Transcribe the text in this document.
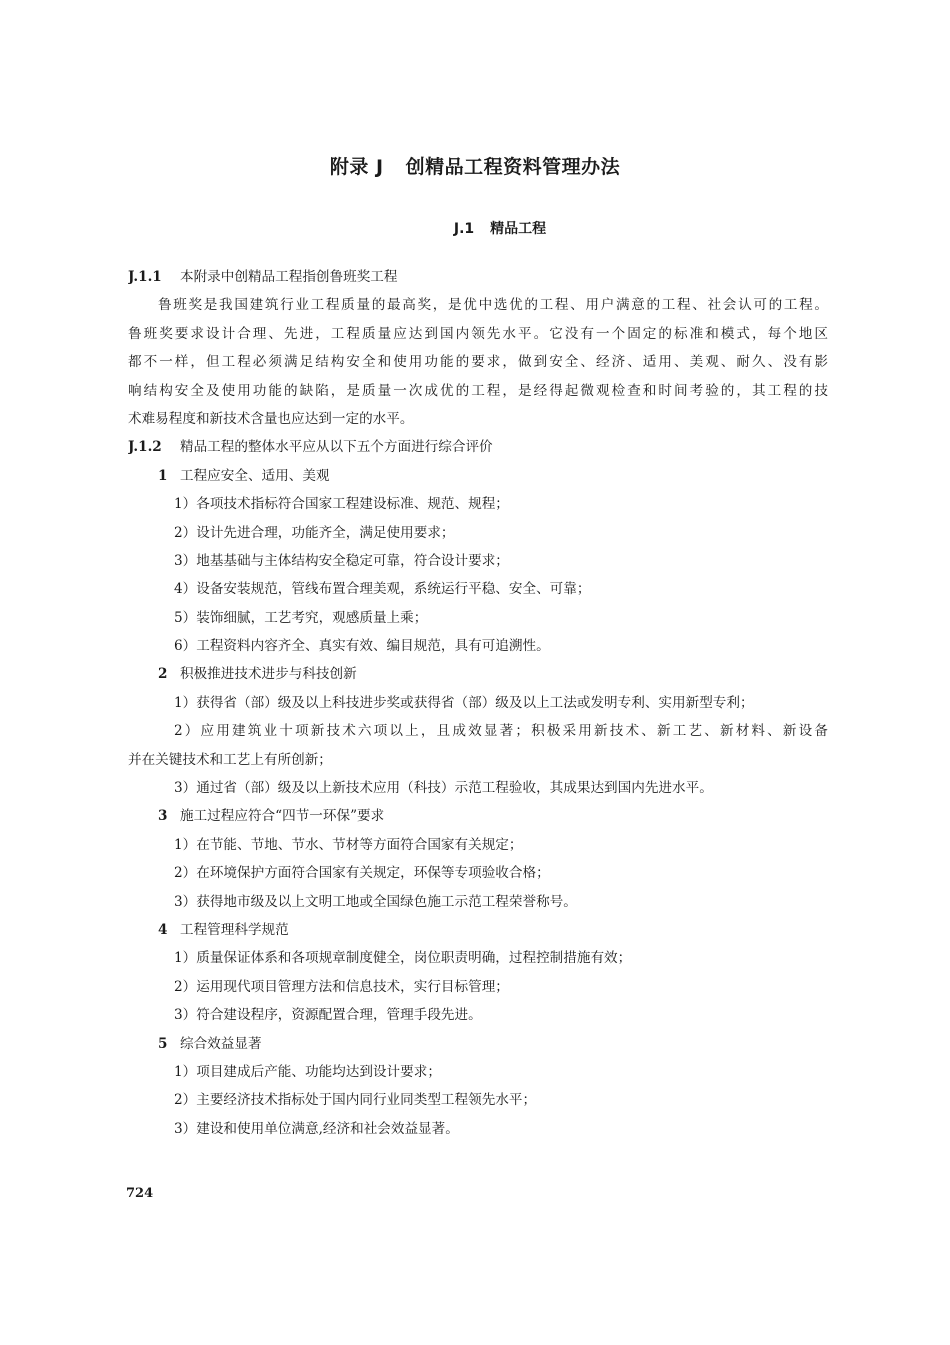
附录 J 创精品工程资料管理办法
J.1 精品工程
J.1.1 本附录中创精品工程指创鲁班奖工程
鲁班奖是我国建筑行业工程质量的最高奖，是优中选优的工程、用户满意的工程、社会认可的工程。
鲁班奖要求设计合理、先进，工程质量应达到国内领先水平。它没有一个固定的标准和模式，每个地区
都不一样，但工程必须满足结构安全和使用功能的要求，做到安全、经济、适用、美观、耐久、没有影
响结构安全及使用功能的缺陷，是质量一次成优的工程，是经得起微观检查和时间考验的，其工程的技
术难易程度和新技术含量也应达到一定的水平。
J.1.2 精品工程的整体水平应从以下五个方面进行综合评价
1 工程应安全、适用、美观
1）各项技术指标符合国家工程建设标准、规范、规程；
2）设计先进合理，功能齐全，满足使用要求；
3）地基基础与主体结构安全稳定可靠，符合设计要求；
4）设备安装规范，管线布置合理美观，系统运行平稳、安全、可靠；
5）装饰细腻，工艺考究，观感质量上乘；
6）工程资料内容齐全、真实有效、编目规范，具有可追溯性。
2 积极推进技术进步与科技创新
1）获得省（部）级及以上科技进步奖或获得省（部）级及以上工法或发明专利、实用新型专利；
2）应用建筑业十项新技术六项以上，且成效显著；积极采用新技术、新工艺、新材料、新设备
并在关键技术和工艺上有所创新；
3）通过省（部）级及以上新技术应用（科技）示范工程验收，其成果达到国内先进水平。
3 施工过程应符合“四节一环保”要求
1）在节能、节地、节水、节材等方面符合国家有关规定；
2）在环境保护方面符合国家有关规定，环保等专项验收合格；
3）获得地市级及以上文明工地或全国绿色施工示范工程荣誉称号。
4 工程管理科学规范
1）质量保证体系和各项规章制度健全，岗位职责明确，过程控制措施有效；
2）运用现代项目管理方法和信息技术，实行目标管理；
3）符合建设程序，资源配置合理，管理手段先进。
5 综合效益显著
1）项目建成后产能、功能均达到设计要求；
2）主要经济技术指标处于国内同行业同类型工程领先水平；
3）建设和使用单位满意,经济和社会效益显著。
724
